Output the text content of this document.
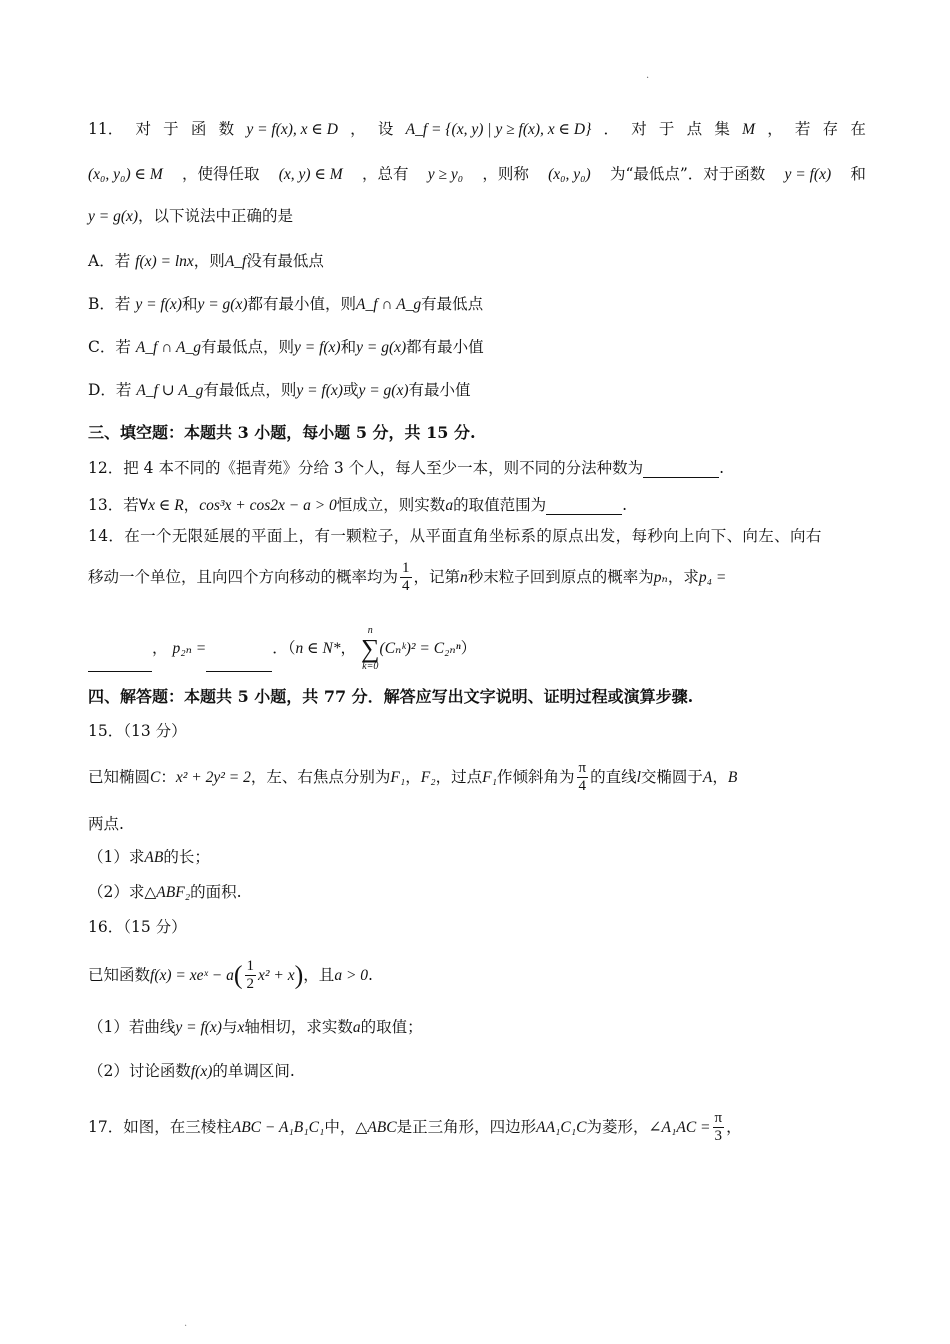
.
11． 对 于 函 数 y = f(x), x ∈ D ， 设 A_f = {(x, y) | y ≥ f(x), x ∈ D} ． 对 于 点 集 M ， 若 存 在
(x₀, y₀) ∈ M ，使得任取 (x, y) ∈ M ，总有 y ≥ y₀ ，则称 (x₀, y₀) 为“最低点”．对于函数 y = f(x) 和
y = g(x)，以下说法中正确的是
A．若 f(x) = lnx，则A_f没有最低点
B．若 y = f(x)和y = g(x)都有最小值，则A_f ∩ A_g有最低点
C．若 A_f ∩ A_g有最低点，则y = f(x)和y = g(x)都有最小值
D．若 A_f ∪ A_g有最低点，则y = f(x)或y = g(x)有最小值
三、填空题：本题共 3 小题，每小题 5 分，共 15 分.
12．把 4 本不同的《挹青苑》分给 3 个人，每人至少一本，则不同的分法种数为	.
13．若∀x ∈ R，cos³x + cos2x − a > 0恒成立，则实数a的取值范围为	.
14．在一个无限延展的平面上，有一颗粒子，从平面直角坐标系的原点出发，每秒向上向下、向左、向右
移动一个单位，且向四个方向移动的概率均为 $\frac{1}{4}$ ，记第n秒末粒子回到原点的概率为pₙ，求p₄ =
， p₂ₙ =	．（n ∈ N*，
n
∑
k=0
(Cₙᵏ)² = C₂ₙⁿ）
四、解答题：本题共 5 小题，共 77 分．解答应写出文字说明、证明过程或演算步骤.
15．（13 分）
已知椭圆C：x² + 2y² = 2，左、右焦点分别为F₁，F₂，过点F₁作倾斜角为 $\frac{\pi}{4}$ 的直线l交椭圆于A，B
两点.
（1）求AB的长；
（2）求△ABF₂的面积.
16．（15 分）
已知函数f(x) = xeˣ − $a( \frac{1}{2} x^2 + x)$，且a > 0.
（1）若曲线y = f(x)与x轴相切，求实数a的取值；
（2）讨论函数f(x)的单调区间.
17．如图，在三棱柱ABC − A₁B₁C₁中，△ABC是正三角形，四边形AA₁C₁C为菱形，∠A₁AC = $\frac{\pi}{3}$ ，
.
